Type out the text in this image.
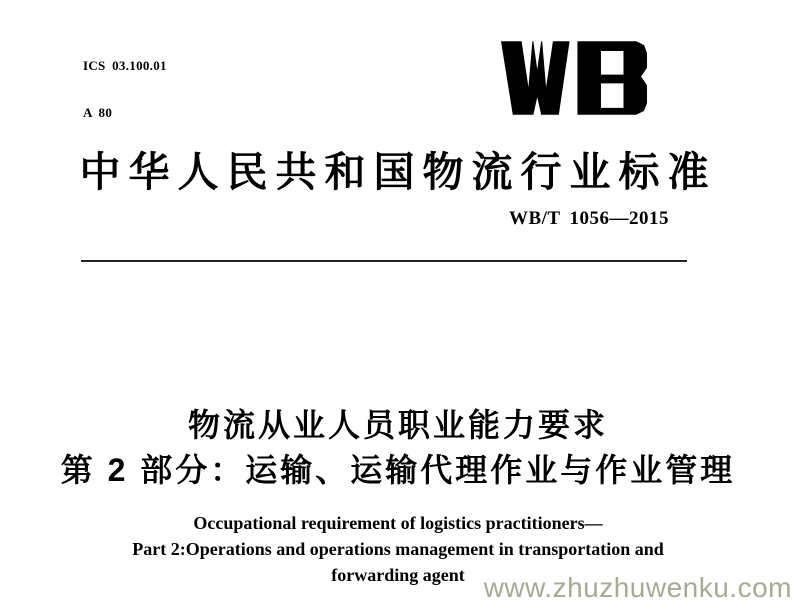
ICS 03.100.01

A 80

中华人民共和国物流行业标准
WB/T 1056—2015
物流从业人员职业能力要求
第 2 部分：运输、运输代理作业与作业管理
Occupational requirement of logistics practitioners—
Part 2:Operations and operations management in transportation and
forwarding agent www.zhuzhuwenku.com
